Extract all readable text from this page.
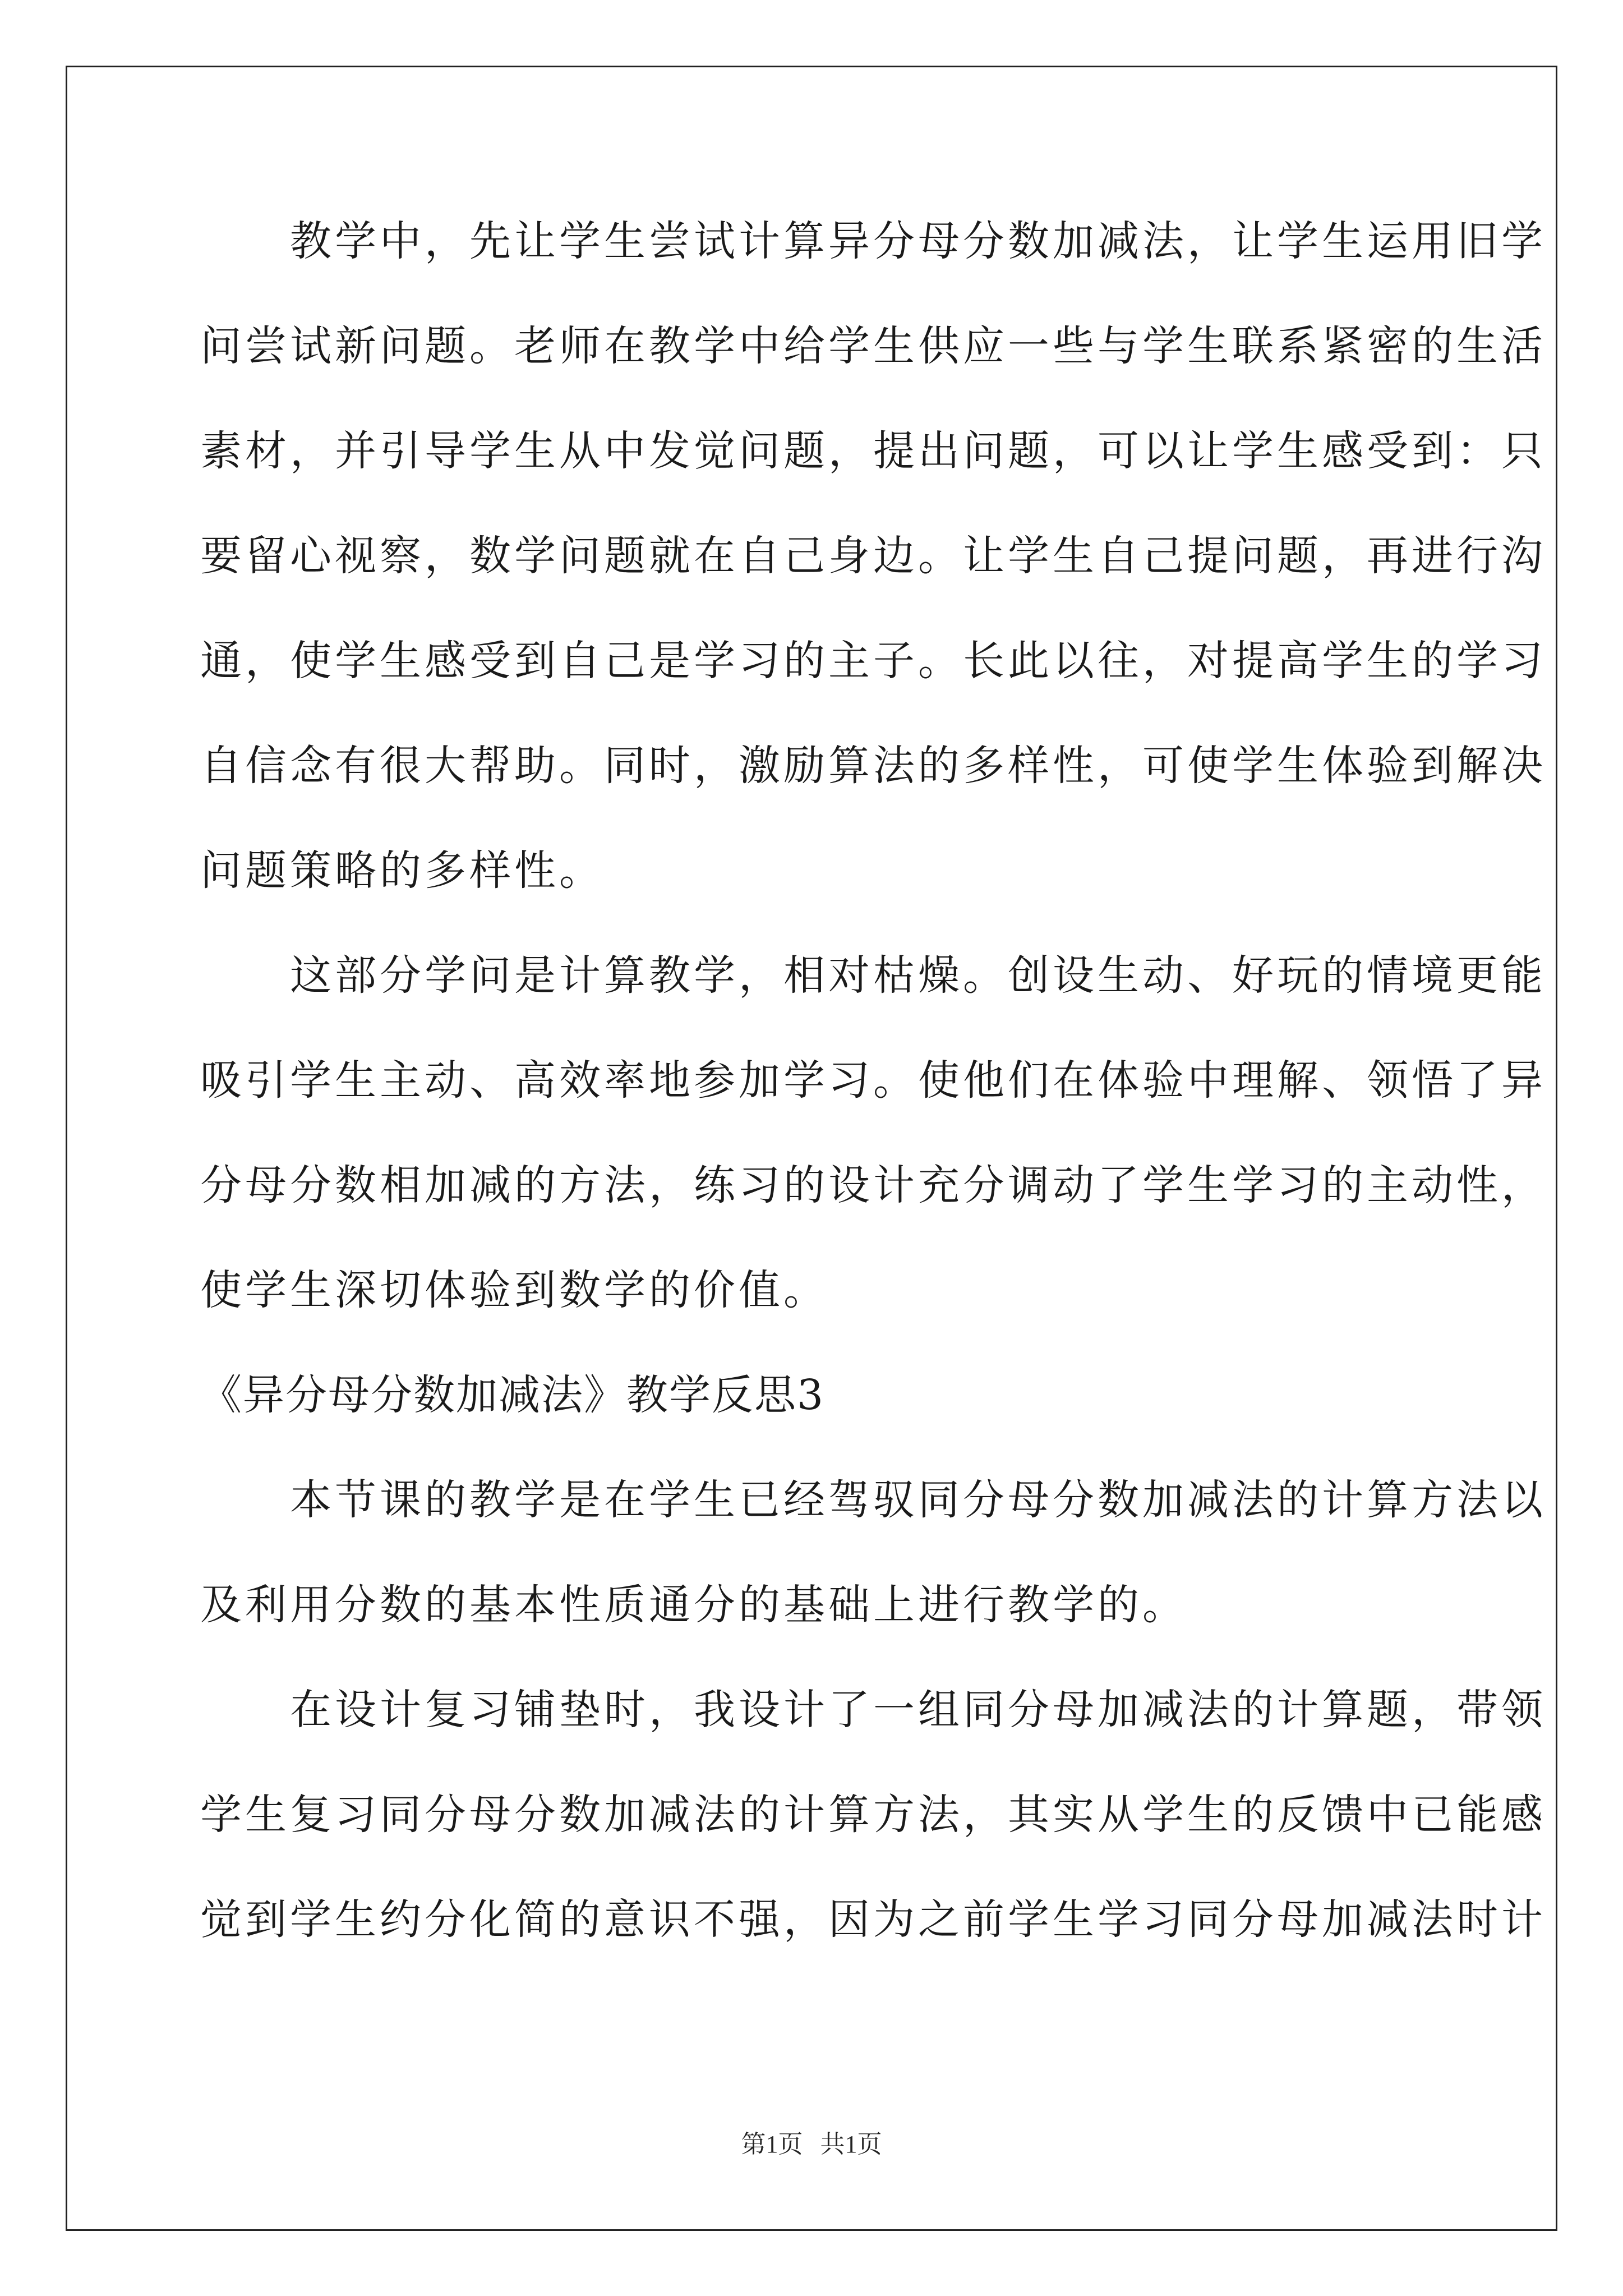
　　教学中，先让学生尝试计算异分母分数加减法，让学生运用旧学
问尝试新问题。老师在教学中给学生供应一些与学生联系紧密的生活
素材，并引导学生从中发觉问题，提出问题，可以让学生感受到：只
要留心视察，数学问题就在自己身边。让学生自己提问题，再进行沟
通，使学生感受到自己是学习的主子。长此以往，对提高学生的学习
自信念有很大帮助。同时，激励算法的多样性，可使学生体验到解决
问题策略的多样性。
　　这部分学问是计算教学，相对枯燥。创设生动、好玩的情境更能
吸引学生主动、高效率地参加学习。使他们在体验中理解、领悟了异
分母分数相加减的方法，练习的设计充分调动了学生学习的主动性，
使学生深切体验到数学的价值。
《异分母分数加减法》教学反思3
　　本节课的教学是在学生已经驾驭同分母分数加减法的计算方法以
及利用分数的基本性质通分的基础上进行教学的。
　　在设计复习铺垫时，我设计了一组同分母加减法的计算题，带领
学生复习同分母分数加减法的计算方法，其实从学生的反馈中已能感
觉到学生约分化简的意识不强，因为之前学生学习同分母加减法时计
第1页 共1页
